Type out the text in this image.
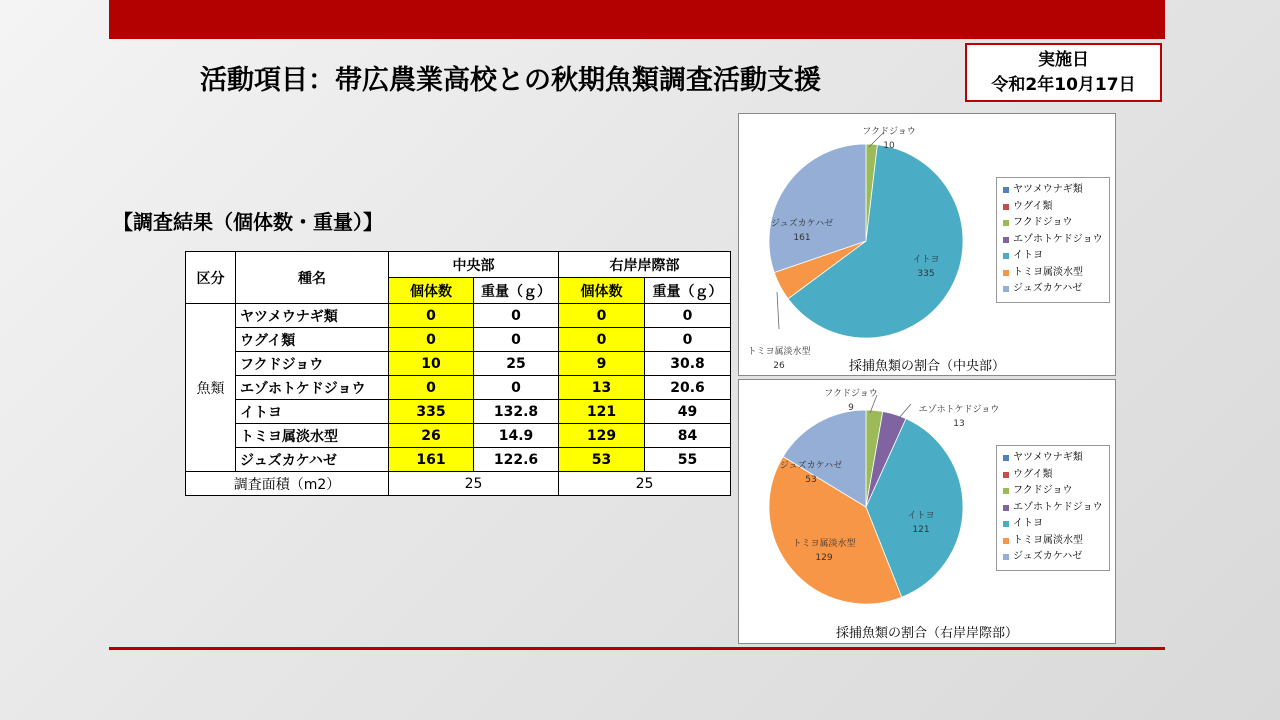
活動項目：帯広農業高校との秋期魚類調査活動支援
実施日
令和2年10月17日
【調査結果（個体数・重量）】
区分	種名	中央部		右岸岸際部	
		個体数	重量（ｇ）	個体数	重量（ｇ）
魚類	ヤツメウナギ類	0	0	0	0
	ウグイ類	0	0	0	0
	フクドジョウ	10	25	9	30.8
	エゾホトケドジョウ	0	0	13	20.6
	イトヨ	335	132.8	121	49
	トミヨ属淡水型	26	14.9	129	84
	ジュズカケハゼ	161	122.6	53	55
調査面積（m2）		25		25	
フクドジョウ
10
イトヨ
335
トミヨ属淡水型
26
ジュズカケハゼ
161
ヤツメウナギ類
ウグイ類
フクドジョウ
エゾホトケドジョウ
イトヨ
トミヨ属淡水型
ジュズカケハゼ
採捕魚類の割合（中央部）
フクドジョウ
9	エゾホトケドジョウ
13
イトヨ
121
トミヨ属淡水型
129
ジュズカケハゼ
53
ヤツメウナギ類
ウグイ類
フクドジョウ
エゾホトケドジョウ
イトヨ
トミヨ属淡水型
ジュズカケハゼ
採捕魚類の割合（右岸岸際部）
